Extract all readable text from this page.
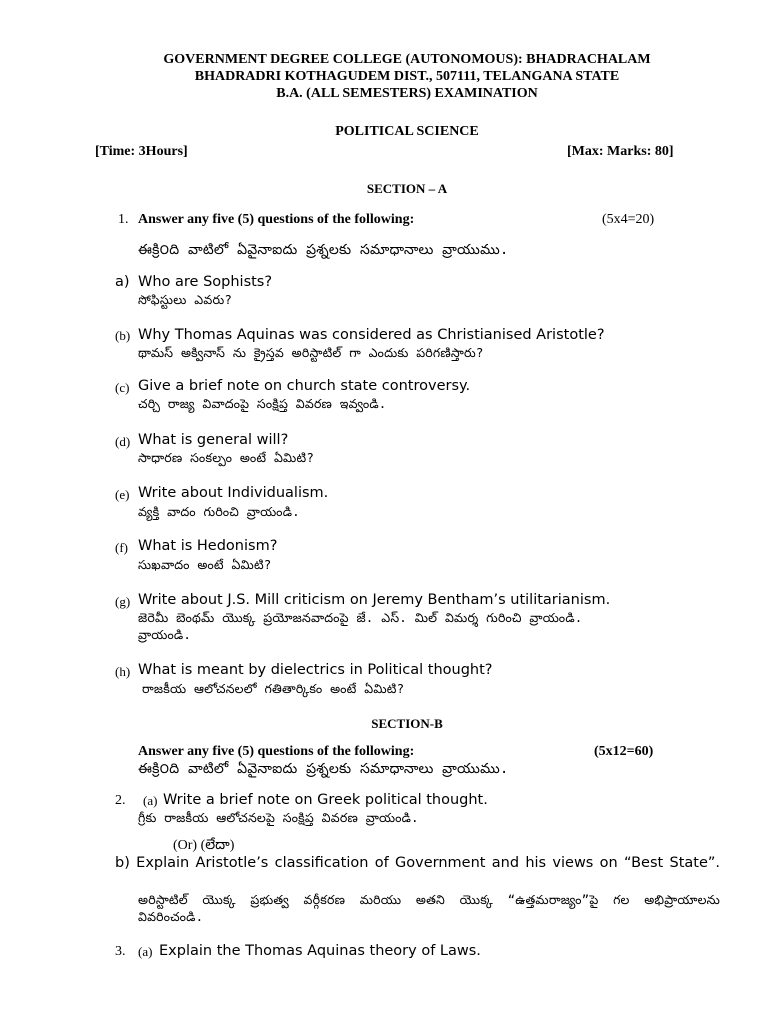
GOVERNMENT DEGREE COLLEGE (AUTONOMOUS): BHADRACHALAM
BHADRADRI KOTHAGUDEM DIST., 507111, TELANGANA STATE
B.A. (ALL SEMESTERS) EXAMINATION
POLITICAL SCIENCE
[Time: 3Hours]	[Max: Marks: 80]
SECTION – A
1. Answer any five (5) questions of the following:	(5x4=20)
ఈక్రి౦ది వాటిలో ఏవైనాఐదు ప్రశ్నలకు సమాధానాలు వ్రాయుము.
a) Who are Sophists?
సోఫిస్టులు ఎవరు?
(b) Why Thomas Aquinas was considered as Christianised Aristotle?
థామస్ అక్వినాస్ ను క్రైస్తవ అరిస్టాటిల్ గా ఎందుకు పరిగణిస్తారు?
(c) Give a brief note on church state controversy.
చర్చి రాజ్య వివాదంపై సంక్షిప్త వివరణ ఇవ్వండి.
(d) What is general will?
సాధారణ సంకల్పం అంటే ఏమిటి?
(e) Write about Individualism.
వ్యక్తి వాదం గురించి వ్రాయండి.
(f) What is Hedonism?
సుఖవాదం అంటే ఏమిటి?
(g) Write about J.S. Mill criticism on Jeremy Bentham’s utilitarianism.
జెరెమీ బెంథమ్ యొక్క ప్రయోజనవాదంపై జే. ఎస్. మిల్ విమర్శ గురించి వ్రాయండి.
వ్రాయండి.
(h) What is meant by dielectrics in Political thought?
రాజకీయ ఆలోచనలలో గతితార్కికం అంటే ఏమిటి?
SECTION-B
Answer any five (5) questions of the following:	(5x12=60)
ఈక్రి౦ది వాటిలో ఏవైనాఐదు ప్రశ్నలకు సమాధానాలు వ్రాయుము.
2. (a) Write a brief note on Greek political thought.
గ్రీకు రాజకీయ ఆలోచనలపై సంక్షిప్త వివరణ వ్రాయండి.
(Or) (లేదా)
b) Explain Aristotle’s classification of Government and his views on “Best State”.
అరిస్టాటిల్ యొక్క ప్రభుత్వ వర్గీకరణ మరియు అతని యొక్క “ఉత్తమరాజ్యం”పై గల అభిప్రాయాలను వివరించండి.
3. (a) Explain the Thomas Aquinas theory of Laws.
